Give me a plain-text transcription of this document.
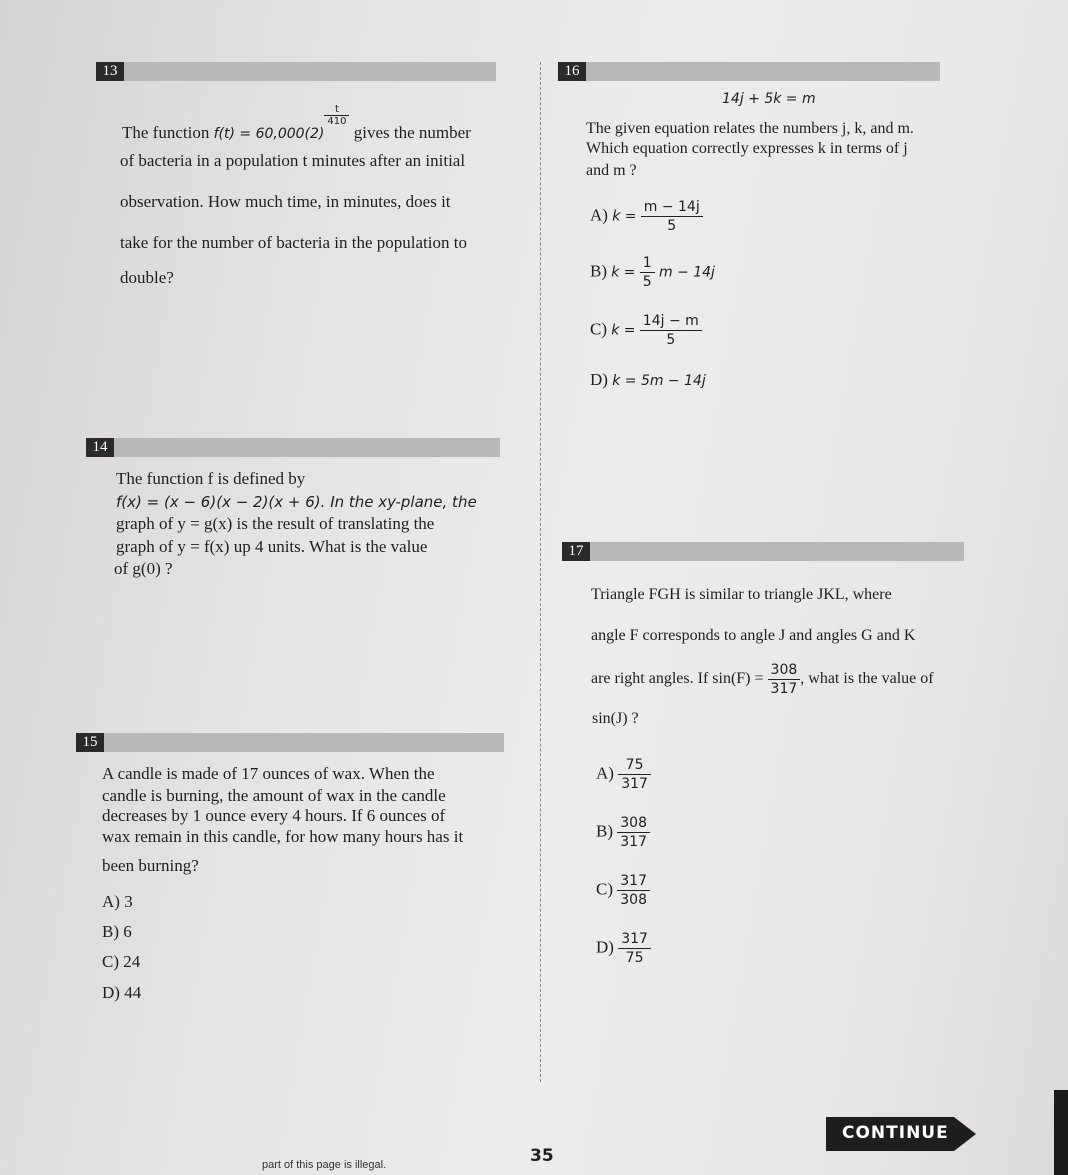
13
The function f(t) = 60,000(2)
$\frac{t}{410}$
gives the number
of bacteria in a population t minutes after an initial
observation. How much time, in minutes, does it
take for the number of bacteria in the population to
double?
16
14j + 5k = m
The given equation relates the numbers j, k, and m.
Which equation correctly expresses k in terms of j
and m ?
A) $k = \frac{m - 14j}{5}$
B) $k = \frac{1}{5}$ m − 14j
C) $k = \frac{14j - m}{5}$
D) k = 5m − 14j
14
The function f is defined by
f(x) = (x − 6)(x − 2)(x + 6). In the xy-plane, the
graph of y = g(x) is the result of translating the
graph of y = f(x) up 4 units. What is the value
of g(0) ?
17
Triangle FGH is similar to triangle JKL, where
angle F corresponds to angle J and angles G and K
are right angles. If $\sin(F) = \frac{308}{317}$ , what is the value of
sin(J) ?
$A) \frac{75}{317}$
$B) \frac{308}{317}$
$C) \frac{317}{308}$
$D) \frac{317}{75}$
15
A candle is made of 17 ounces of wax. When the
candle is burning, the amount of wax in the candle
decreases by 1 ounce every 4 hours. If 6 ounces of
wax remain in this candle, for how many hours has it
been burning?
A) 3
B) 6
C) 24
D) 44
CONTINUE
35
part of this page is illegal.
